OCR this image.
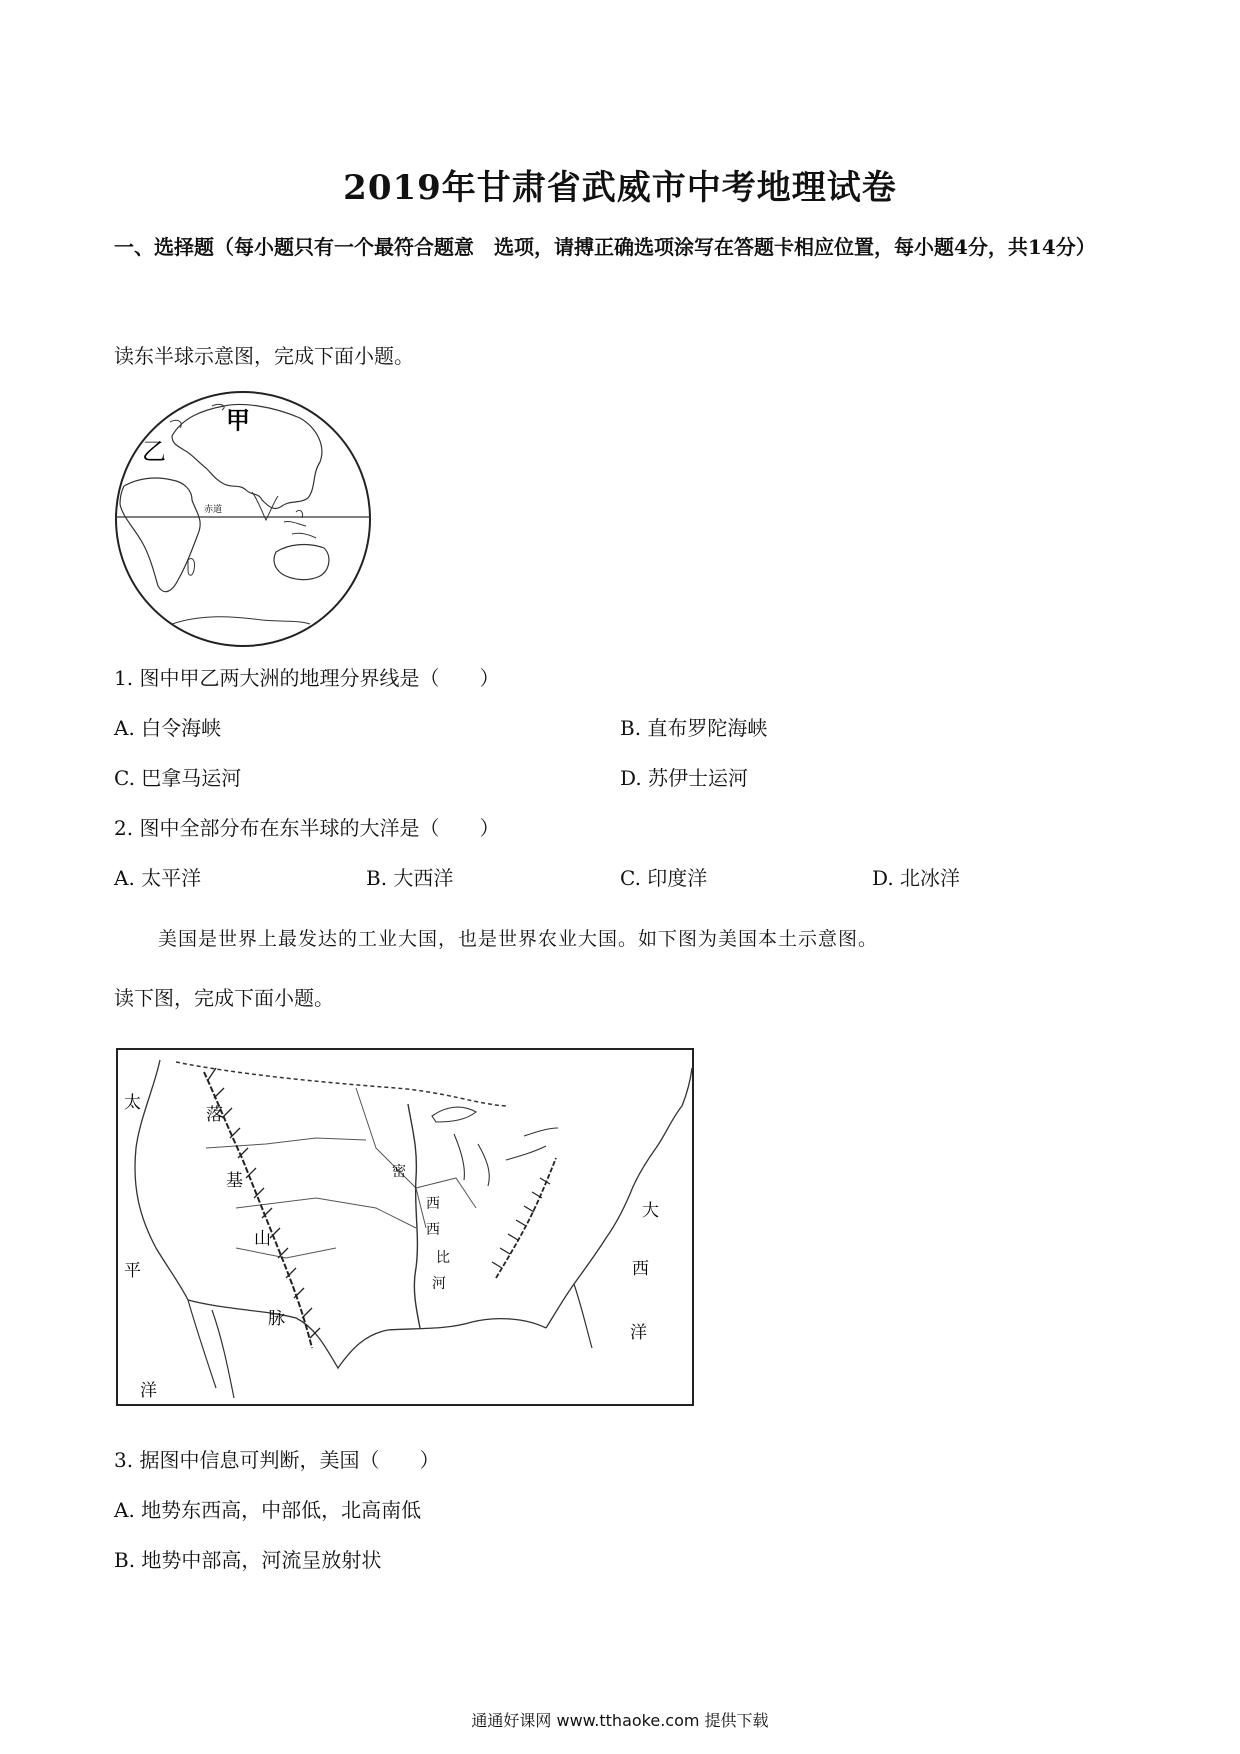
2019年甘肃省武威市中考地理试卷
一、选择题（每小题只有一个最符合题意　选项，请搏正确选项涂写在答题卡相应位置，每小题4分，共14分）
读东半球示意图，完成下面小题。
甲
乙
赤道
1. 图中甲乙两大洲的地理分界线是（　　）
A. 白令海峡	B. 直布罗陀海峡
C. 巴拿马运河	D. 苏伊士运河
2. 图中全部分布在东半球的大洋是（　　）
A. 太平洋	B. 大西洋	C. 印度洋	D. 北冰洋
美国是世界上最发达的工业大国，也是世界农业大国。如下图为美国本土示意图。
读下图，完成下面小题。
太
平
洋
落
基
山
脉
密
西
西
比
河
大
西
洋
3. 据图中信息可判断，美国（　　）
A. 地势东西高，中部低，北高南低
B. 地势中部高，河流呈放射状
通通好课网 www.tthaoke.com 提供下载
